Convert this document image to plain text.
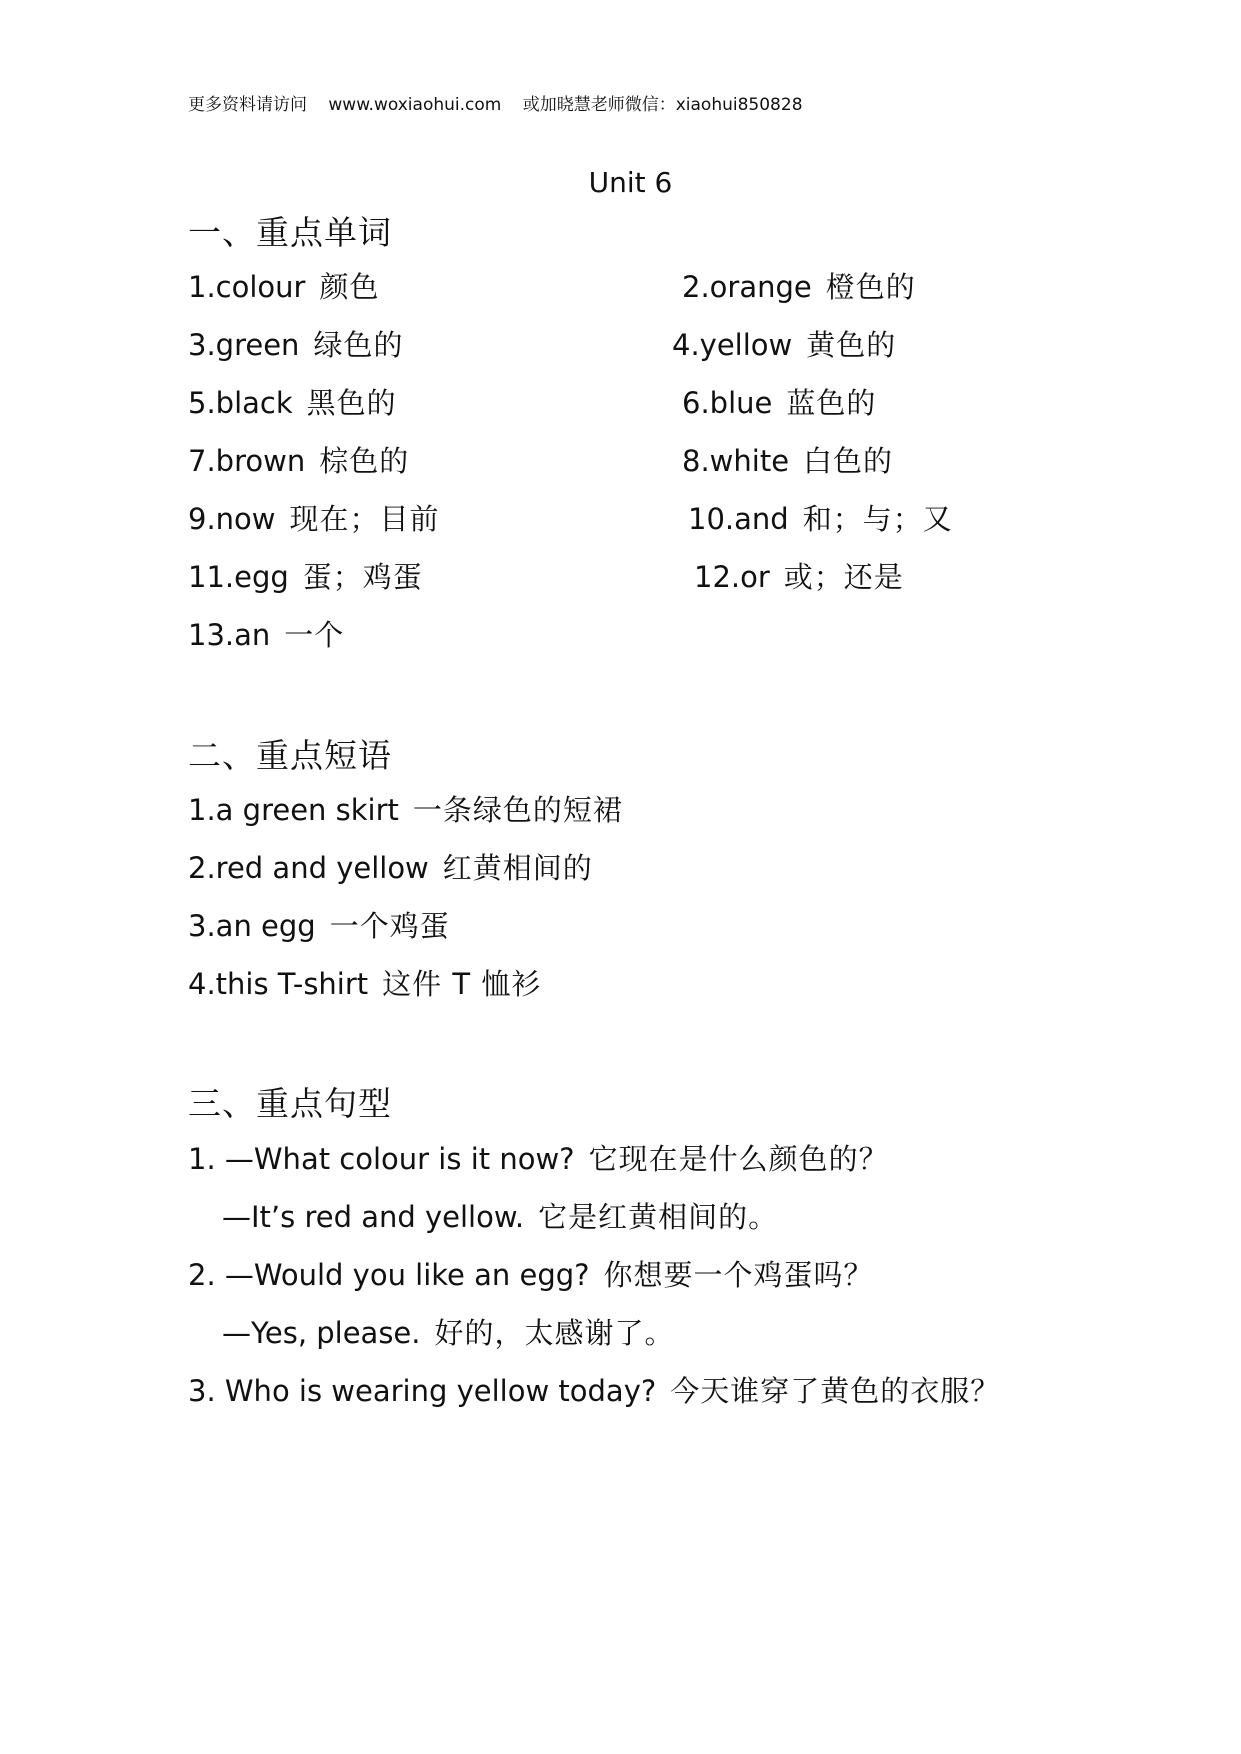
更多资料请访问 www.woxiaohui.com 或加晓慧老师微信：xiaohui850828
Unit 6
一、重点单词
1.colour 颜色	2.orange 橙色的
3.green 绿色的	4.yellow 黄色的
5.black 黑色的	6.blue 蓝色的
7.brown 棕色的	8.white 白色的
9.now 现在；目前	10.and 和；与；又
11.egg 蛋；鸡蛋	12.or 或；还是
13.an 一个
二、重点短语
1.a green skirt 一条绿色的短裙
2.red and yellow 红黄相间的
3.an egg 一个鸡蛋
4.this T-shirt 这件 T 恤衫
三、重点句型
1. —What colour is it now? 它现在是什么颜色的？
—It’s red and yellow. 它是红黄相间的。
2. —Would you like an egg? 你想要一个鸡蛋吗？
—Yes, please. 好的，太感谢了。
3. Who is wearing yellow today? 今天谁穿了黄色的衣服？
